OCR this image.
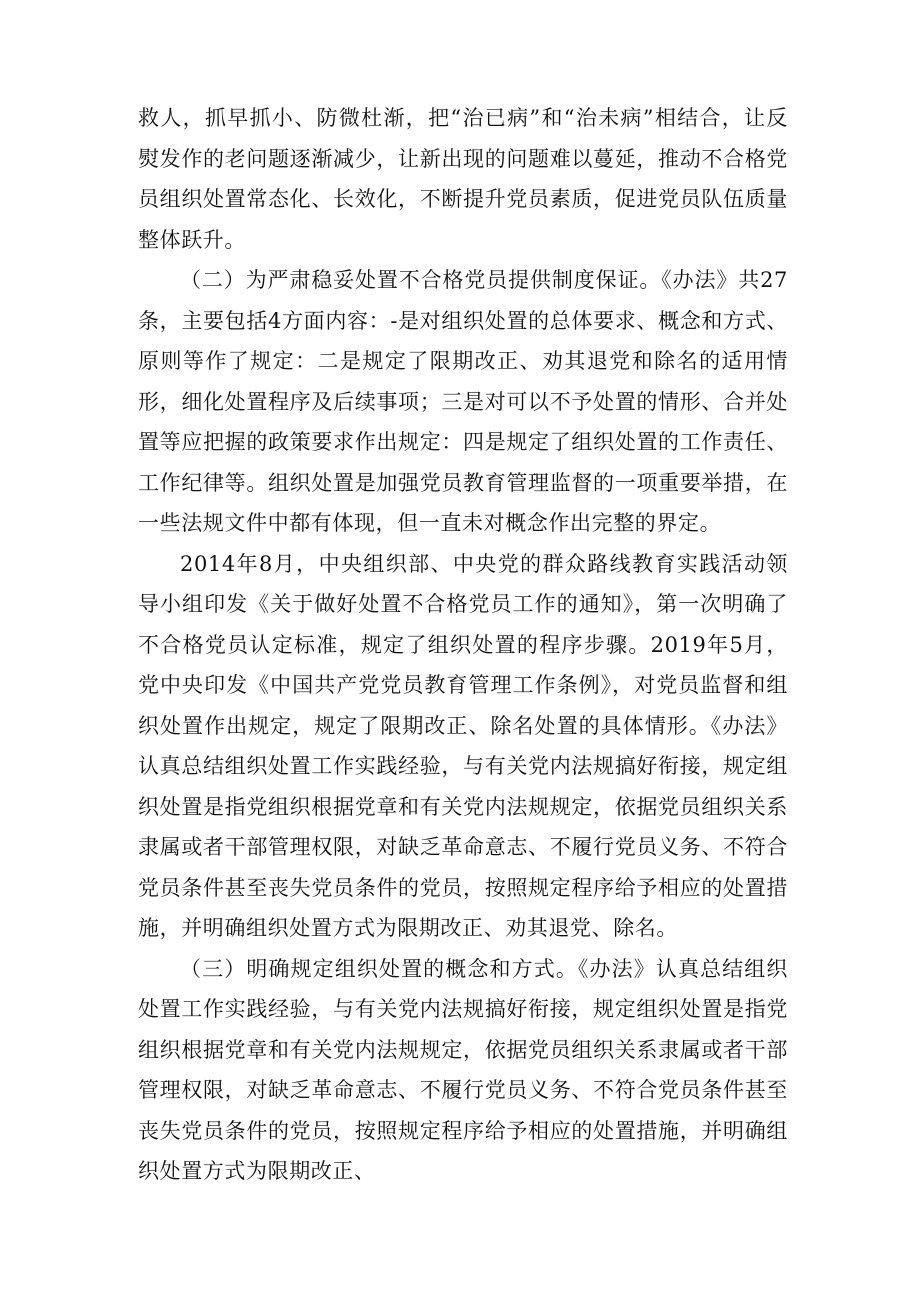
救人，抓早抓小、防微杜渐，把“治已病”和“治未病”相结合，让反熨发作的老问题逐渐减少，让新出现的问题难以蔓延，推动不合格党员组织处置常态化、长效化，不断提升党员素质，促进党员队伍质量整体跃升。

（二）为严肃稳妥处置不合格党员提供制度保证。《办法》共27条，主要包括4方面内容：-是对组织处置的总体要求、概念和方式、原则等作了规定：二是规定了限期改正、劝其退党和除名的适用情形，细化处置程序及后续事项；三是对可以不予处置的情形、合并处置等应把握的政策要求作出规定：四是规定了组织处置的工作责任、工作纪律等。组织处置是加强党员教育管理监督的一项重要举措，在一些法规文件中都有体现，但一直未对概念作出完整的界定。

2014年8月，中央组织部、中央党的群众路线教育实践活动领导小组印发《关于做好处置不合格党员工作的通知》，第一次明确了不合格党员认定标准，规定了组织处置的程序步骤。2019年5月，党中央印发《中国共产党党员教育管理工作条例》，对党员监督和组织处置作出规定，规定了限期改正、除名处置的具体情形。《办法》认真总结组织处置工作实践经验，与有关党内法规搞好衔接，规定组织处置是指党组织根据党章和有关党内法规规定，依据党员组织关系隶属或者干部管理权限，对缺乏革命意志、不履行党员义务、不符合党员条件甚至丧失党员条件的党员，按照规定程序给予相应的处置措施，并明确组织处置方式为限期改正、劝其退党、除名。

（三）明确规定组织处置的概念和方式。《办法》认真总结组织处置工作实践经验，与有关党内法规搞好衔接，规定组织处置是指党组织根据党章和有关党内法规规定，依据党员组织关系隶属或者干部管理权限，对缺乏革命意志、不履行党员义务、不符合党员条件甚至丧失党员条件的党员，按照规定程序给予相应的处置措施，并明确组织处置方式为限期改正、
